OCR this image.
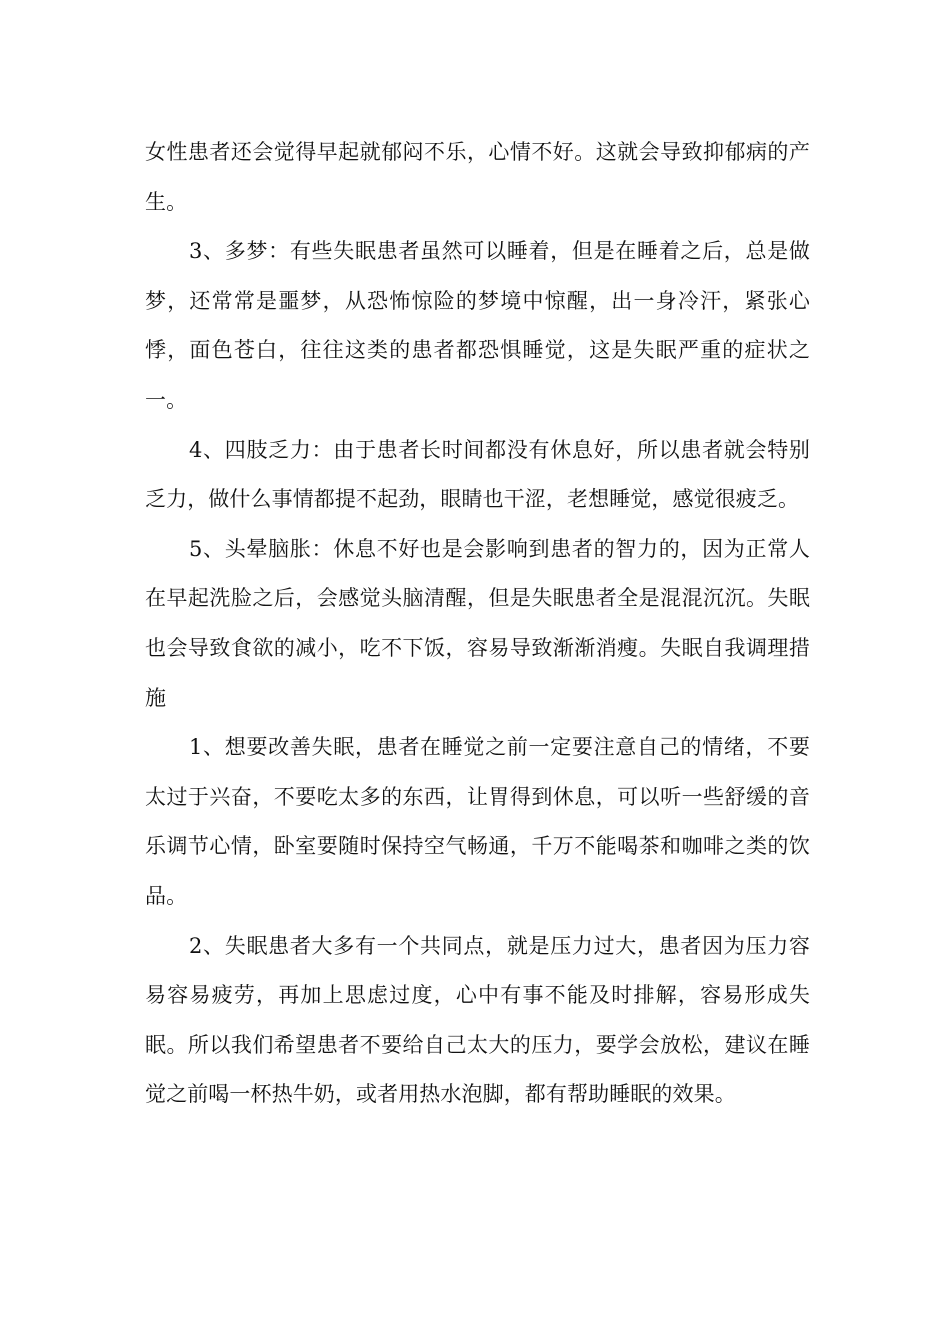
女性患者还会觉得早起就郁闷不乐，心情不好。这就会导致抑郁病的产生。

3、多梦：有些失眠患者虽然可以睡着，但是在睡着之后，总是做梦，还常常是噩梦，从恐怖惊险的梦境中惊醒，出一身冷汗，紧张心悸，面色苍白，往往这类的患者都恐惧睡觉，这是失眠严重的症状之一。

4、四肢乏力：由于患者长时间都没有休息好，所以患者就会特别乏力，做什么事情都提不起劲，眼睛也干涩，老想睡觉，感觉很疲乏。

5、头晕脑胀：休息不好也是会影响到患者的智力的，因为正常人在早起洗脸之后，会感觉头脑清醒，但是失眠患者全是混混沉沉。失眠也会导致食欲的减小，吃不下饭，容易导致渐渐消瘦。失眠自我调理措施

1、想要改善失眠，患者在睡觉之前一定要注意自己的情绪，不要太过于兴奋，不要吃太多的东西，让胃得到休息，可以听一些舒缓的音乐调节心情，卧室要随时保持空气畅通，千万不能喝茶和咖啡之类的饮品。

2、失眠患者大多有一个共同点，就是压力过大，患者因为压力容易容易疲劳，再加上思虑过度，心中有事不能及时排解，容易形成失眠。所以我们希望患者不要给自己太大的压力，要学会放松，建议在睡觉之前喝一杯热牛奶，或者用热水泡脚，都有帮助睡眠的效果。
